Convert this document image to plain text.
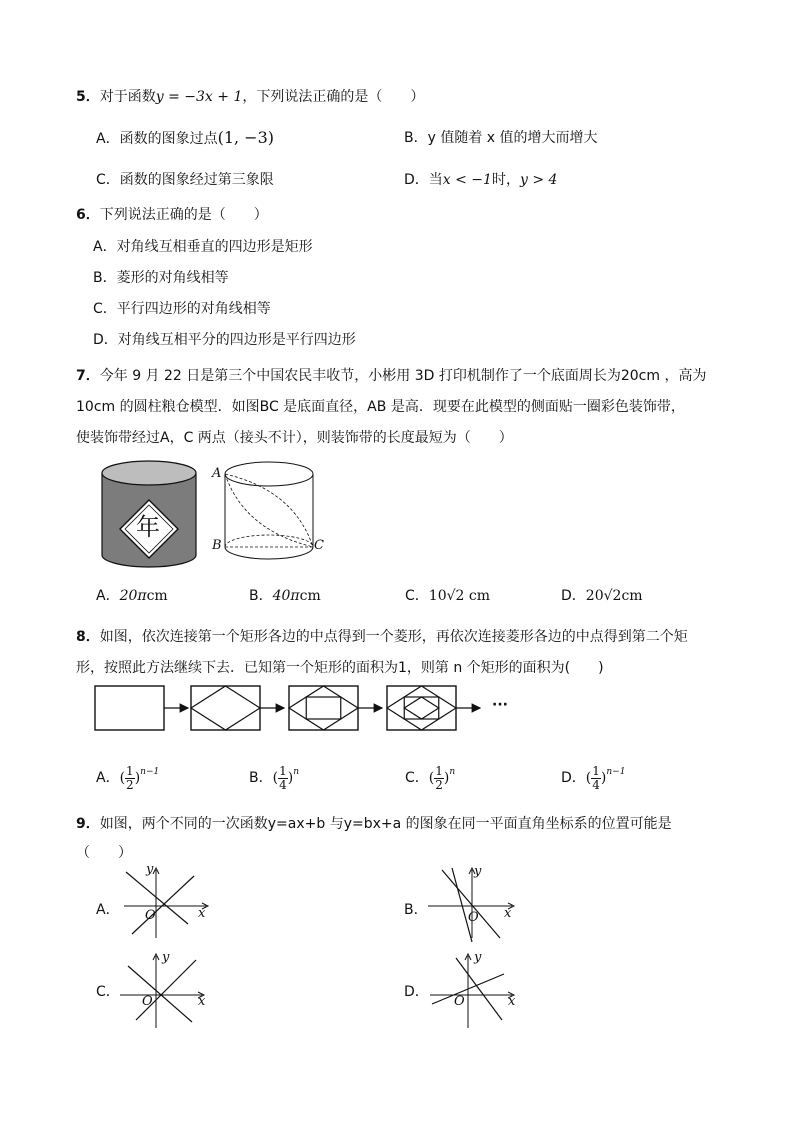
5．对于函数y = −3x + 1，下列说法正确的是（　　）
A．函数的图象过点(1, −3)	B．y 值随着 x 值的增大而增大
C．函数的图象经过第三象限	D．当x < −1时，y > 4
6．下列说法正确的是（　　）
A．对角线互相垂直的四边形是矩形
B．菱形的对角线相等
C．平行四边形的对角线相等
D．对角线互相平分的四边形是平行四边形
7．今年 9 月 22 日是第三个中国农民丰收节，小彬用 3D 打印机制作了一个底面周长为20cm ，高为
10cm 的圆柱粮仓模型．如图BC 是底面直径，AB 是高．现要在此模型的侧面贴一圈彩色装饰带，
使装饰带经过A，C 两点（接头不计），则装饰带的长度最短为（　　）
年
A
B	C
A．20πcm	B．40πcm	C．10√2 cm	D．20√2cm
8．如图，依次连接第一个矩形各边的中点得到一个菱形，再依次连接菱形各边的中点得到第二个矩
形，按照此方法继续下去．已知第一个矩形的面积为1，则第 n 个矩形的面积为(　　)
···
A．( $\frac{1}{2} )^{n-1}$	B．( $\frac{1}{4} )^n$	C．( $\frac{1}{2} )^n$	D．( $\frac{1}{4} )^{n-1}$
9．如图，两个不同的一次函数y=ax+b 与y=bx+a 的图象在同一平面直角坐标系的位置可能是
（　　）
A．
y
x
O	B．
y
x
O
C．
y
x
O
D．
y
x
O
